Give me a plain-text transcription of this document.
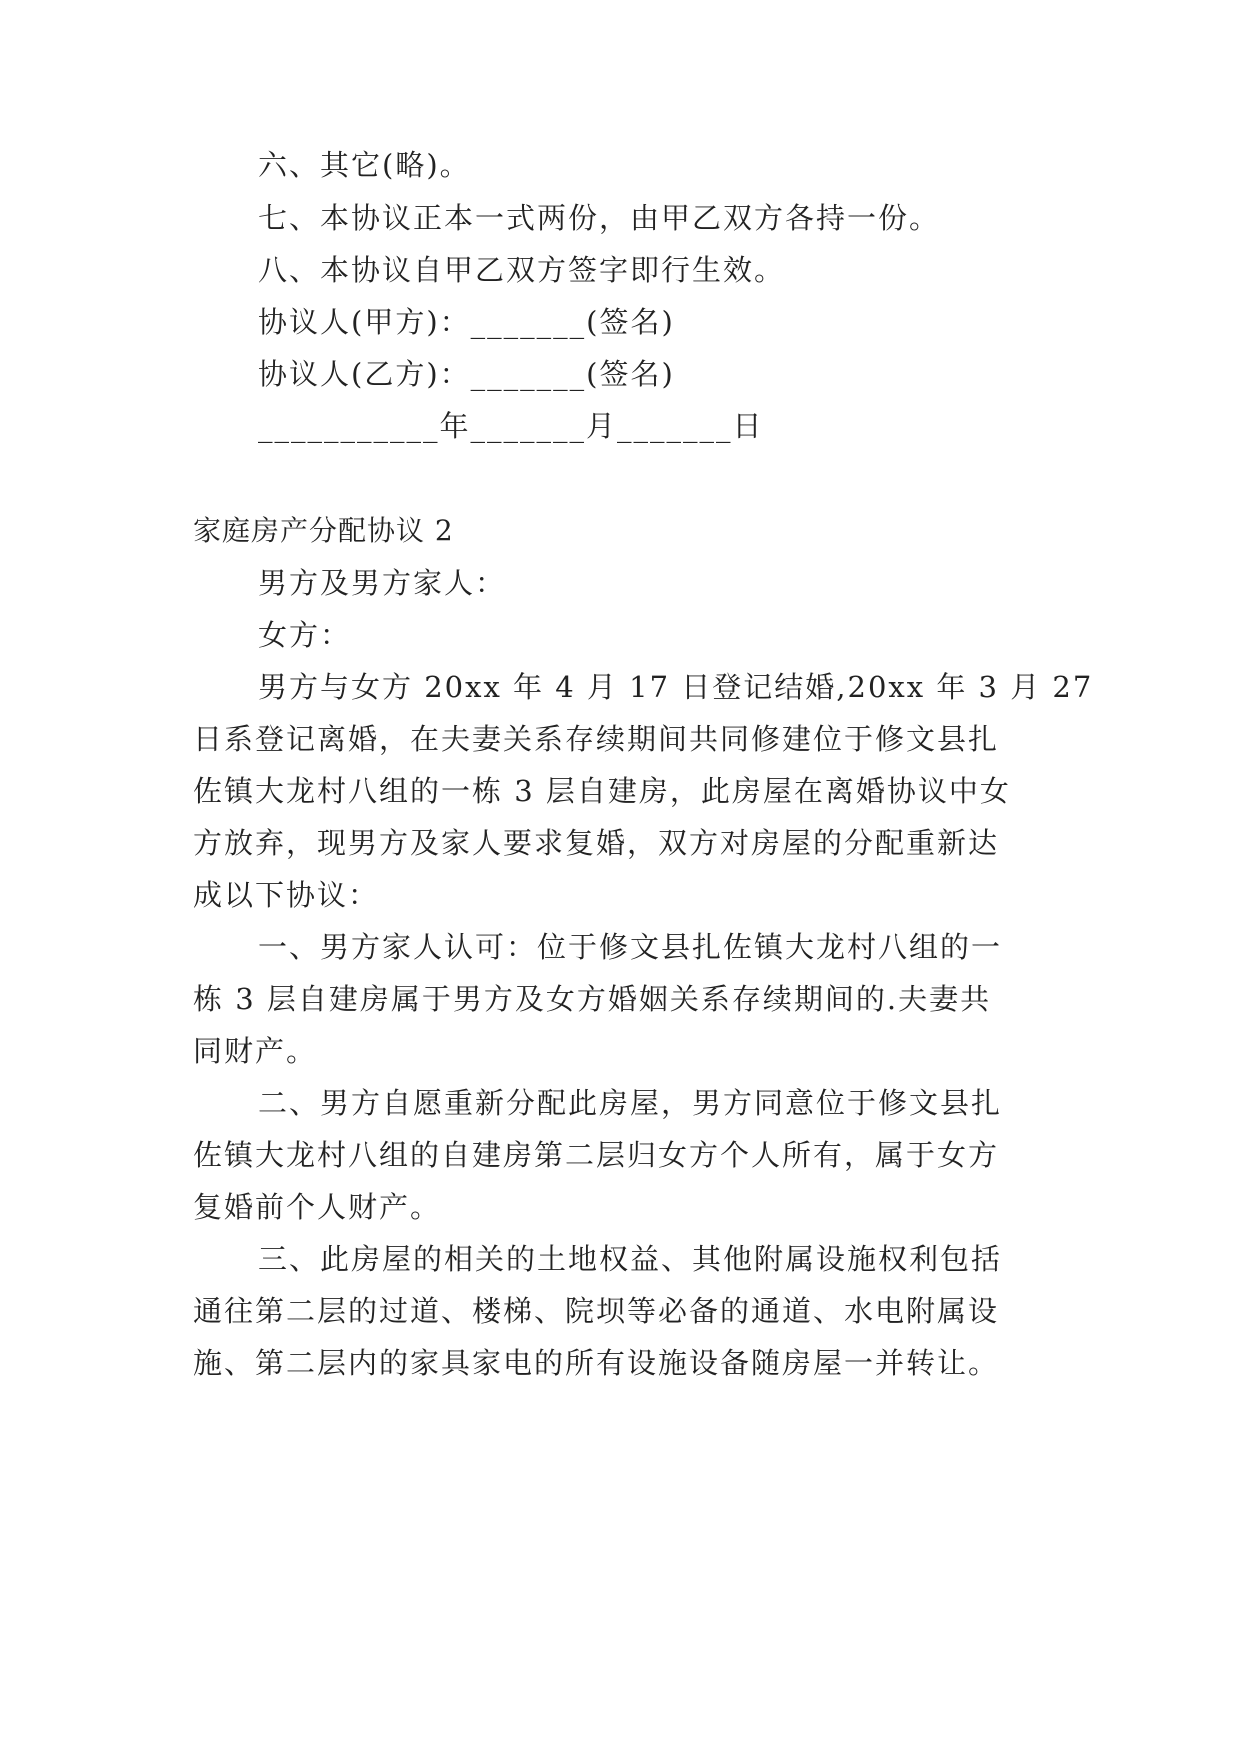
六、其它(略)。
七、本协议正本一式两份，由甲乙双方各持一份。
八、本协议自甲乙双方签字即行生效。
协议人(甲方)：_______(签名)
协议人(乙方)：_______(签名)
___________年_______月_______日
家庭房产分配协议 2
男方及男方家人：
女方：
男方与女方 20xx 年 4 月 17 日登记结婚,20xx 年 3 月 27
日系登记离婚，在夫妻关系存续期间共同修建位于修文县扎
佐镇大龙村八组的一栋 3 层自建房，此房屋在离婚协议中女
方放弃，现男方及家人要求复婚，双方对房屋的分配重新达
成以下协议：
一、男方家人认可：位于修文县扎佐镇大龙村八组的一
栋 3 层自建房属于男方及女方婚姻关系存续期间的.夫妻共
同财产。
二、男方自愿重新分配此房屋，男方同意位于修文县扎
佐镇大龙村八组的自建房第二层归女方个人所有，属于女方
复婚前个人财产。
三、此房屋的相关的土地权益、其他附属设施权利包括
通往第二层的过道、楼梯、院坝等必备的通道、水电附属设
施、第二层内的家具家电的所有设施设备随房屋一并转让。
